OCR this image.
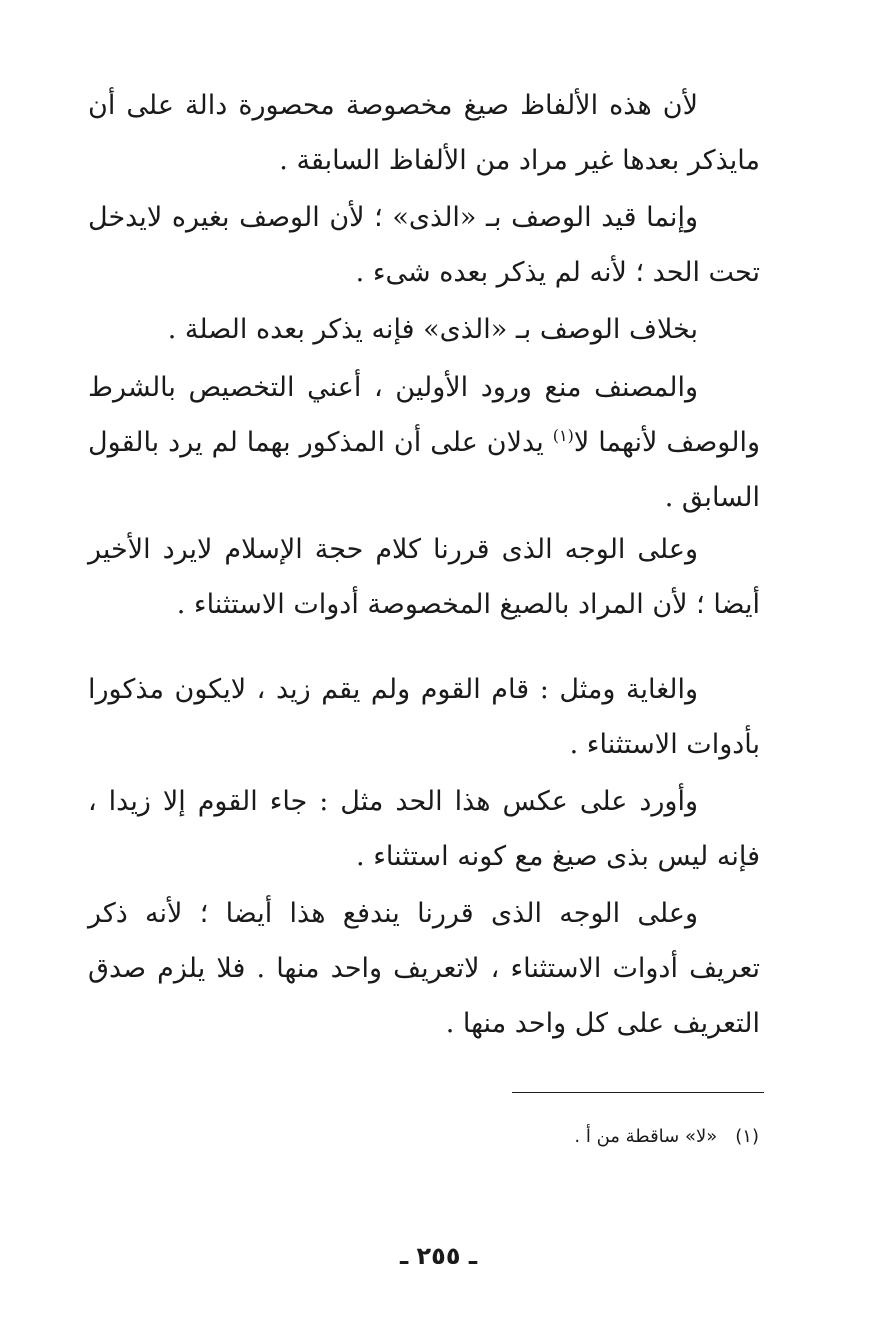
لأن هذه الألفاظ صيغ مخصوصة محصورة دالة على أن مايذكر بعدها غير مراد من الألفاظ السابقة .

وإنما قيد الوصف بـ «الذى» ؛ لأن الوصف بغيره لايدخل تحت الحد ؛ لأنه لم يذكر بعده شىء .

بخلاف الوصف بـ «الذى» فإنه يذكر بعده الصلة .

والمصنف منع ورود الأولين ، أعني التخصيص بالشرط والوصف لأنهما لا$^{(١)}$ يدلان على أن المذكور بهما لم يرد بالقول السابق .

وعلى الوجه الذى قررنا كلام حجة الإسلام لايرد الأخير أيضا ؛ لأن المراد بالصيغ المخصوصة أدوات الاستثناء .

والغاية ومثل : قام القوم ولم يقم زيد ، لايكون مذكورا بأدوات الاستثناء .

وأورد على عكس هذا الحد مثل : جاء القوم إلا زيدا ، فإنه ليس بذى صيغ مع كونه استثناء .

وعلى الوجه الذى قررنا يندفع هذا أيضا ؛ لأنه ذكر تعريف أدوات الاستثناء ، لاتعريف واحد منها . فلا يلزم صدق التعريف على كل واحد منها .

(١)«لا» ساقطة من أ .
ـ ٢٥٥ ـ
